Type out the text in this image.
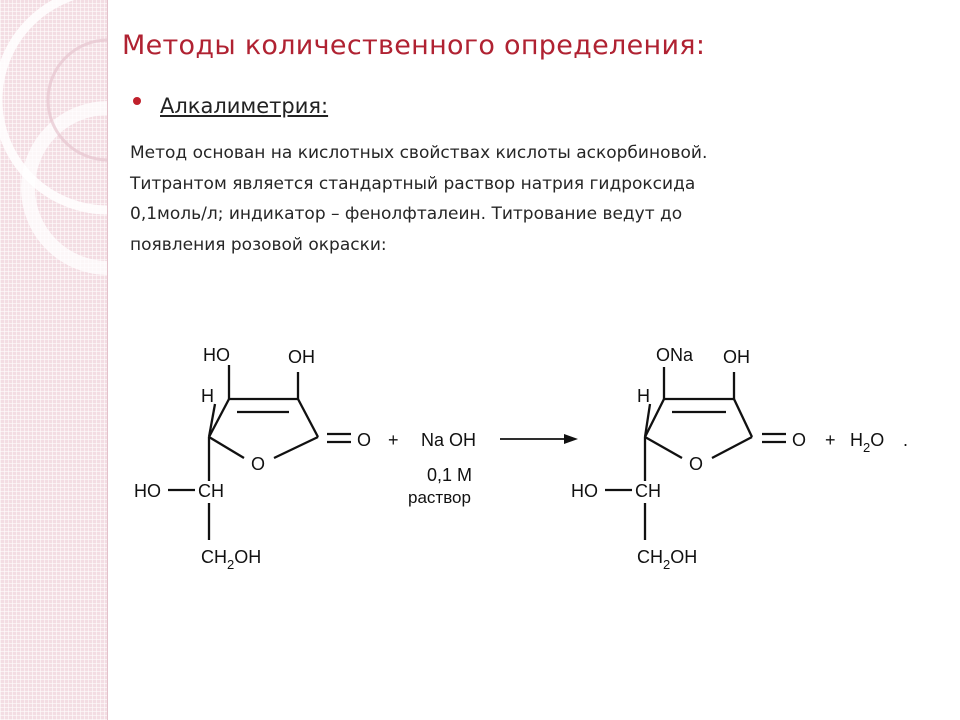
Методы количественного определения:
Алкалиметрия:

Метод основан на кислотных свойствах кислоты аскорбиновой.
Титрантом является стандартный раствор натрия гидроксида
0,1моль/л; индикатор – фенолфталеин. Титрование ведут до
появления розовой окраски:

HO	OH
H
O
O
HO CH
$CH_2OH$
+ Na OH
0,1 M
раствор
ONa OH
H
O
O
HO CH
$CH_2OH$
+ $H_2O$ .
